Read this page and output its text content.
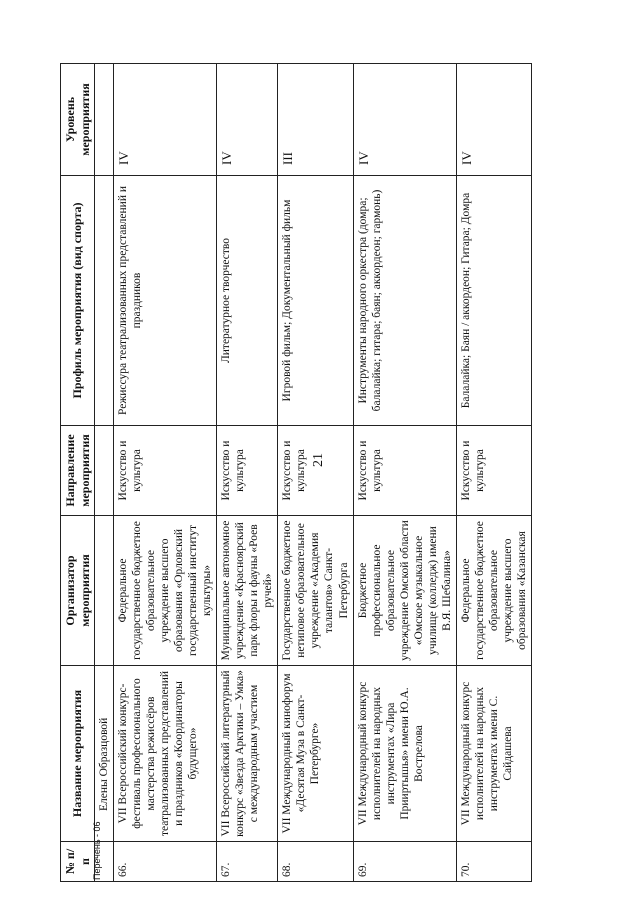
21
№ п/п	Название мероприятия	Организатор мероприятия	Направление мероприятия	Профиль мероприятия (вид спорта)	Уровень мероприятия
	Елены Образцовой				
66.	VII Всероссийский конкурс-фестиваль профессионального мастерства режиссёров театрализованных представлений и праздников «Координаторы будущего»	Федеральное государственное бюджетное образовательное учреждение высшего образования «Орловский государственный институт культуры»	Искусство и культура	Режиссура театрализованных представлений и праздников	IV
67.	VII Всероссийский литературный конкурс «Звезда Арктики – Умка» с международным участием	Муниципальное автономное учреждение «Красноярский парк флоры и фауны «Роев ручей»	Искусство и культура	Литературное творчество	IV
68.	VII Международный кинофорум «Десятая Муза в Санкт-Петербурге»	Государственное бюджетное нетиповое образовательное учреждение «Академия талантов» Санкт-Петербурга	Искусство и культура	Игровой фильм; Документальный фильм	III
69.	VII Международный конкурс исполнителей на народных инструментах «Лира Прииртышья» имени Ю.А. Вострелова	Бюджетное профессиональное образовательное учреждение Омской области «Омское музыкальное училище (колледж) имени В.Я. Шебалина»	Искусство и культура	Инструменты народного оркестра (домра; балалайка; гитара; баян; аккордеон; гармонь)	IV
70.	VII Международный конкурс исполнителей на народных инструментах имени С. Сайдашева	Федеральное государственное бюджетное образовательное учреждение высшего образования «Казанская	Искусство и культура	Балалайка; Баян / аккордеон; Гитара; Домра	IV
Перечень - 06
